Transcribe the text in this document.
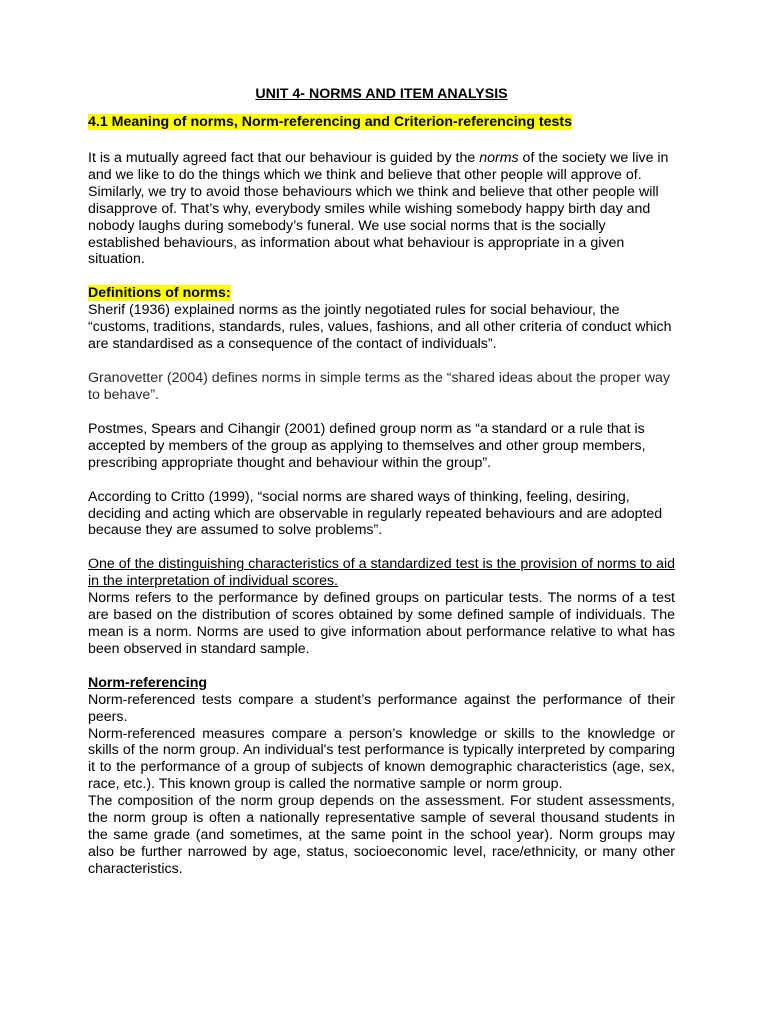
UNIT 4- NORMS AND ITEM ANALYSIS
4.1 Meaning of norms, Norm-referencing and Criterion-referencing tests

It is a mutually agreed fact that our behaviour is guided by the norms of the society we live in and we like to do the things which we think and believe that other people will approve of. Similarly, we try to avoid those behaviours which we think and believe that other people will disapprove of. That’s why, everybody smiles while wishing somebody happy birth day and nobody laughs during somebody’s funeral. We use social norms that is the socially established behaviours, as information about what behaviour is appropriate in a given situation.

Definitions of norms:

Sherif (1936) explained norms as the jointly negotiated rules for social behaviour, the “customs, traditions, standards, rules, values, fashions, and all other criteria of conduct which are standardised as a consequence of the contact of individuals”.

Granovetter (2004) defines norms in simple terms as the “shared ideas about the proper way to behave”.

Postmes, Spears and Cihangir (2001) defined group norm as “a standard or a rule that is accepted by members of the group as applying to themselves and other group members, prescribing appropriate thought and behaviour within the group”.

According to Critto (1999), “social norms are shared ways of thinking, feeling, desiring, deciding and acting which are observable in regularly repeated behaviours and are adopted because they are assumed to solve problems”.

One of the distinguishing characteristics of a standardized test is the provision of norms to aid in the interpretation of individual scores.

Norms refers to the performance by defined groups on particular tests. The norms of a test are based on the distribution of scores obtained by some defined sample of individuals. The mean is a norm. Norms are used to give information about performance relative to what has been observed in standard sample.

Norm-referencing

Norm-referenced tests compare a student’s performance against the performance of their peers.

Norm-referenced measures compare a person’s knowledge or skills to the knowledge or skills of the norm group. An individual's test performance is typically interpreted by comparing it to the performance of a group of subjects of known demographic characteristics (age, sex, race, etc.). This known group is called the normative sample or norm group.

The composition of the norm group depends on the assessment. For student assessments, the norm group is often a nationally representative sample of several thousand students in the same grade (and sometimes, at the same point in the school year). Norm groups may also be further narrowed by age, status, socioeconomic level, race/ethnicity, or many other characteristics.
